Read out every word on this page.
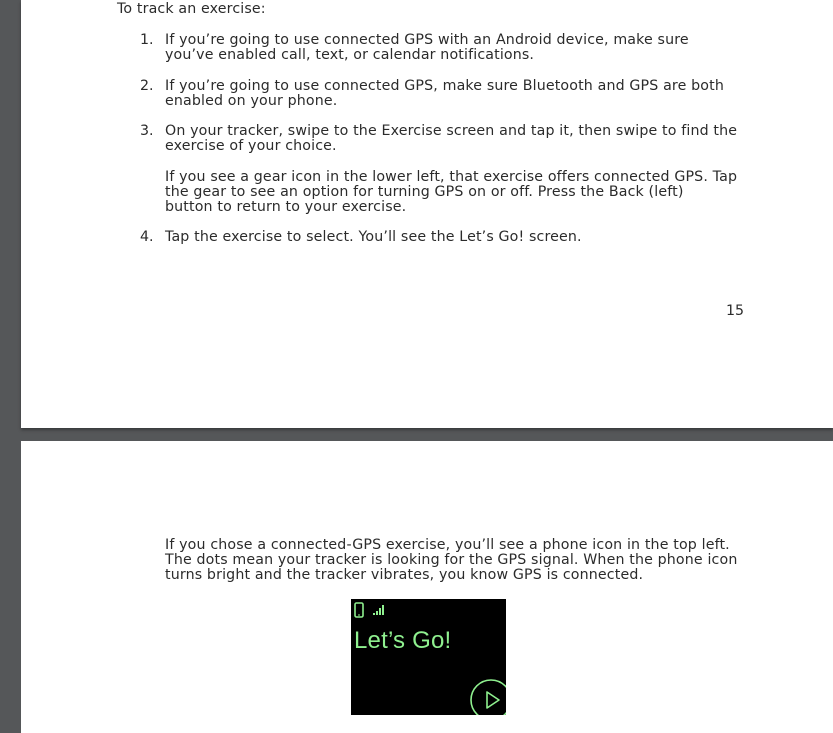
To track an exercise:
1. If you’re going to use connected GPS with an Android device, make sure
you’ve enabled call, text, or calendar notifications.
2. If you’re going to use connected GPS, make sure Bluetooth and GPS are both
enabled on your phone.
3. On your tracker, swipe to the Exercise screen and tap it, then swipe to find the
exercise of your choice.
If you see a gear icon in the lower left, that exercise offers connected GPS. Tap
the gear to see an option for turning GPS on or off. Press the Back (left)
button to return to your exercise.
4. Tap the exercise to select. You’ll see the Let’s Go! screen.
15
If you chose a connected-GPS exercise, you’ll see a phone icon in the top left.
The dots mean your tracker is looking for the GPS signal. When the phone icon
turns bright and the tracker vibrates, you know GPS is connected.
Let’s Go!
